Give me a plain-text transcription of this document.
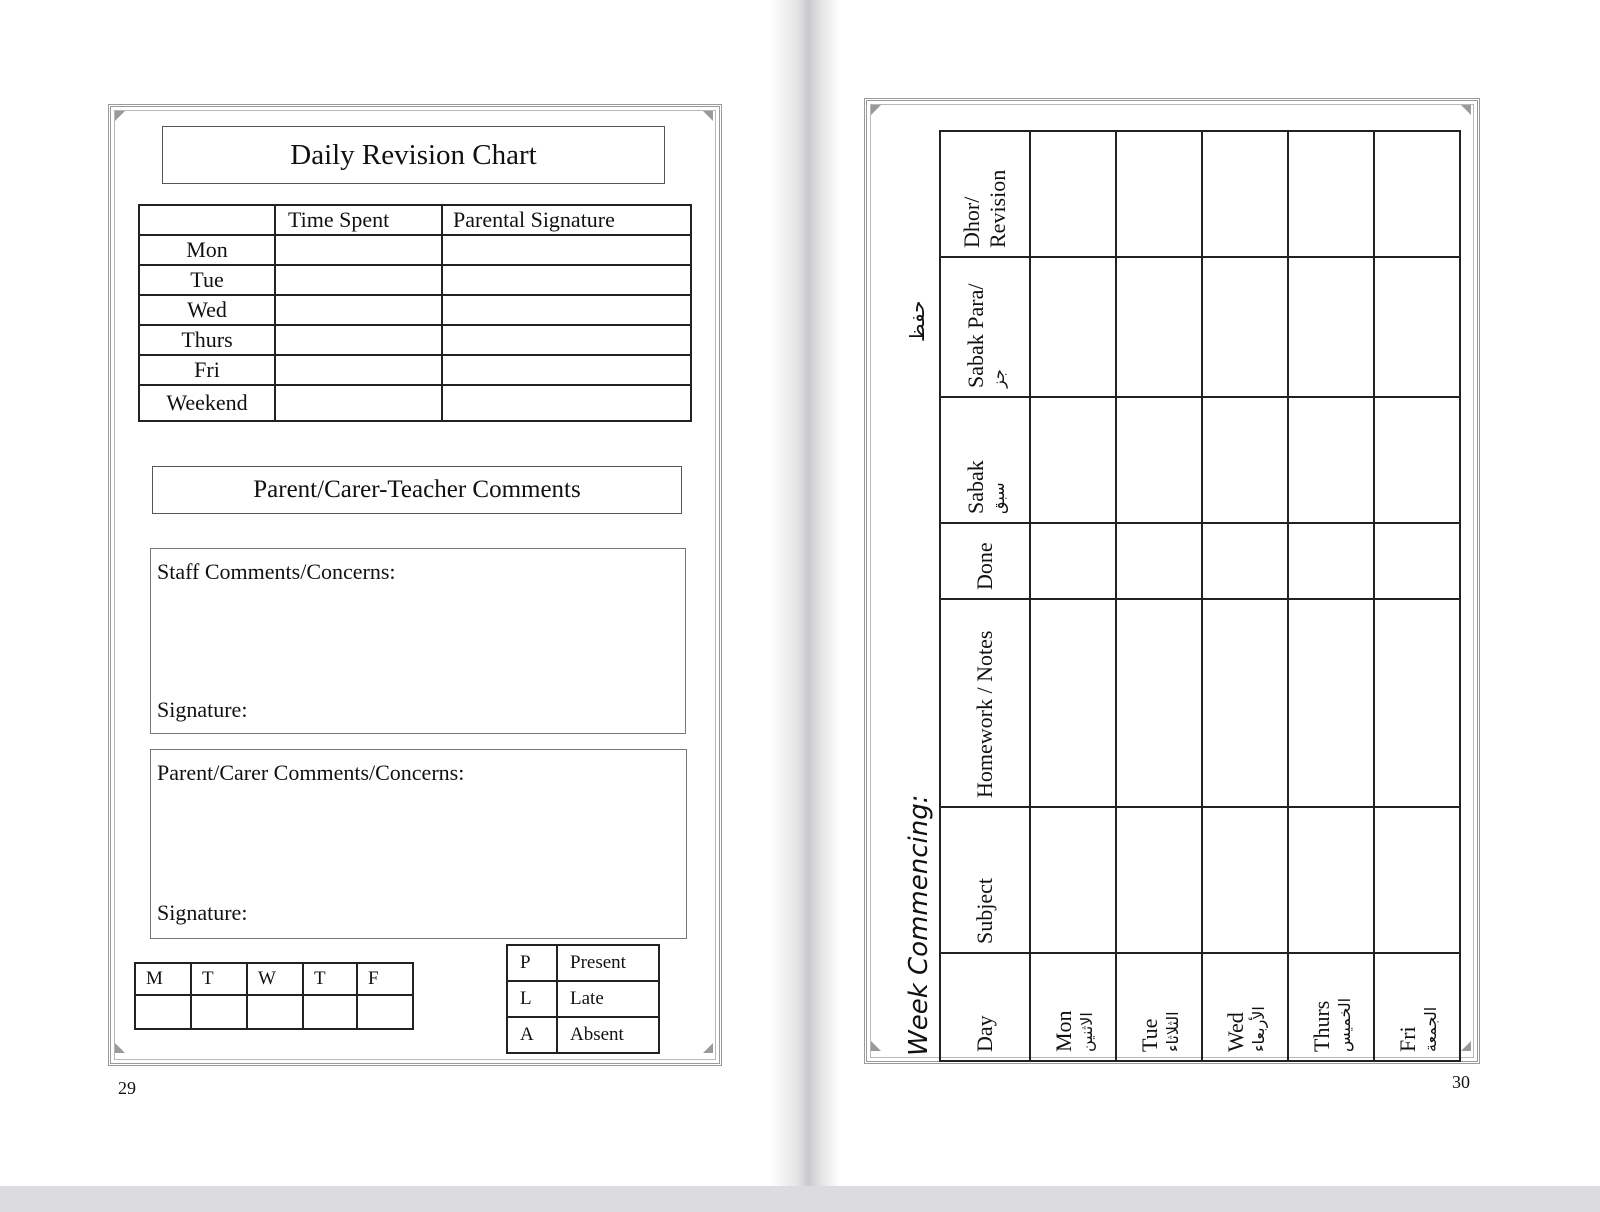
Daily Revision Chart
	Time Spent	Parental Signature
Mon		
Tue		
Wed		
Thurs		
Fri		
Weekend		
Parent/Carer-Teacher Comments
Staff Comments/Concerns:
Signature:
Parent/Carer Comments/Concerns:
Signature:
M	T	W	T	F

P	Present
L	Late
A	Absent
29
Week Commencing:
حفظ
Day	Subject	Homework / Notes	Done	Sabak سبق	Sabak Para/ جز	Dhor/ Revision
Mon الاثنين						

Tue الثلاثاء						

Wed الأربعاء						

Thurs الخميس						

Fri الجمعة						

30
